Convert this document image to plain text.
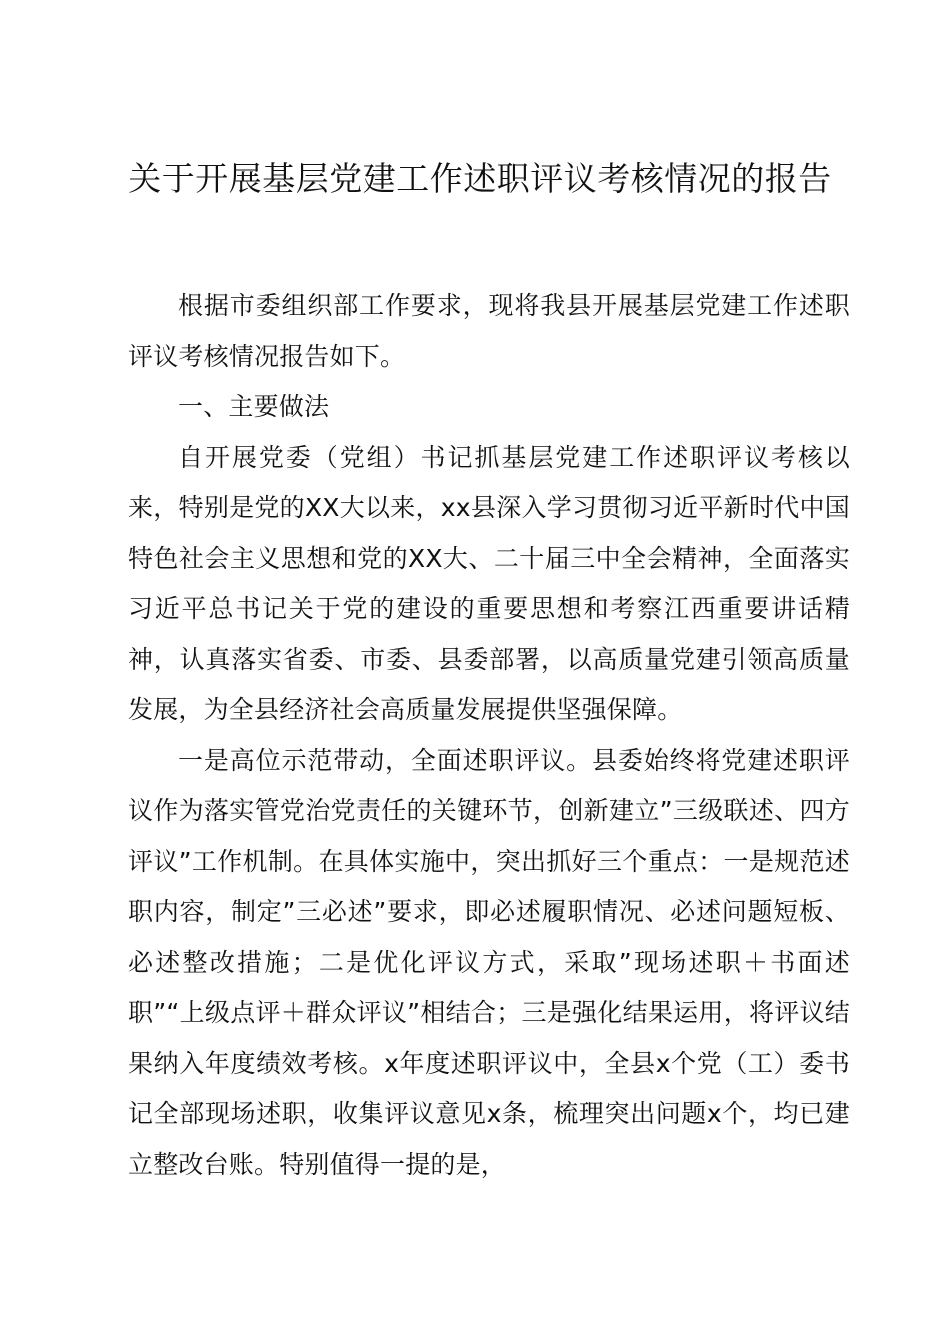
关于开展基层党建工作述职评议考核情况的报告

根据市委组织部工作要求，现将我县开展基层党建工作述职评议考核情况报告如下。

一、主要做法

自开展党委（党组）书记抓基层党建工作述职评议考核以来，特别是党的XX大以来，xx县深入学习贯彻习近平新时代中国特色社会主义思想和党的XX大、二十届三中全会精神，全面落实习近平总书记关于党的建设的重要思想和考察江西重要讲话精神，认真落实省委、市委、县委部署，以高质量党建引领高质量发展，为全县经济社会高质量发展提供坚强保障。

一是高位示范带动，全面述职评议。县委始终将党建述职评议作为落实管党治党责任的关键环节，创新建立”三级联述、四方评议”工作机制。在具体实施中，突出抓好三个重点：一是规范述职内容，制定”三必述”要求，即必述履职情况、必述问题短板、必述整改措施；二是优化评议方式，采取”现场述职＋书面述职”“上级点评＋群众评议”相结合；三是强化结果运用，将评议结果纳入年度绩效考核。x年度述职评议中，全县x个党（工）委书记全部现场述职，收集评议意见x条，梳理突出问题x个，均已建立整改台账。特别值得一提的是，
